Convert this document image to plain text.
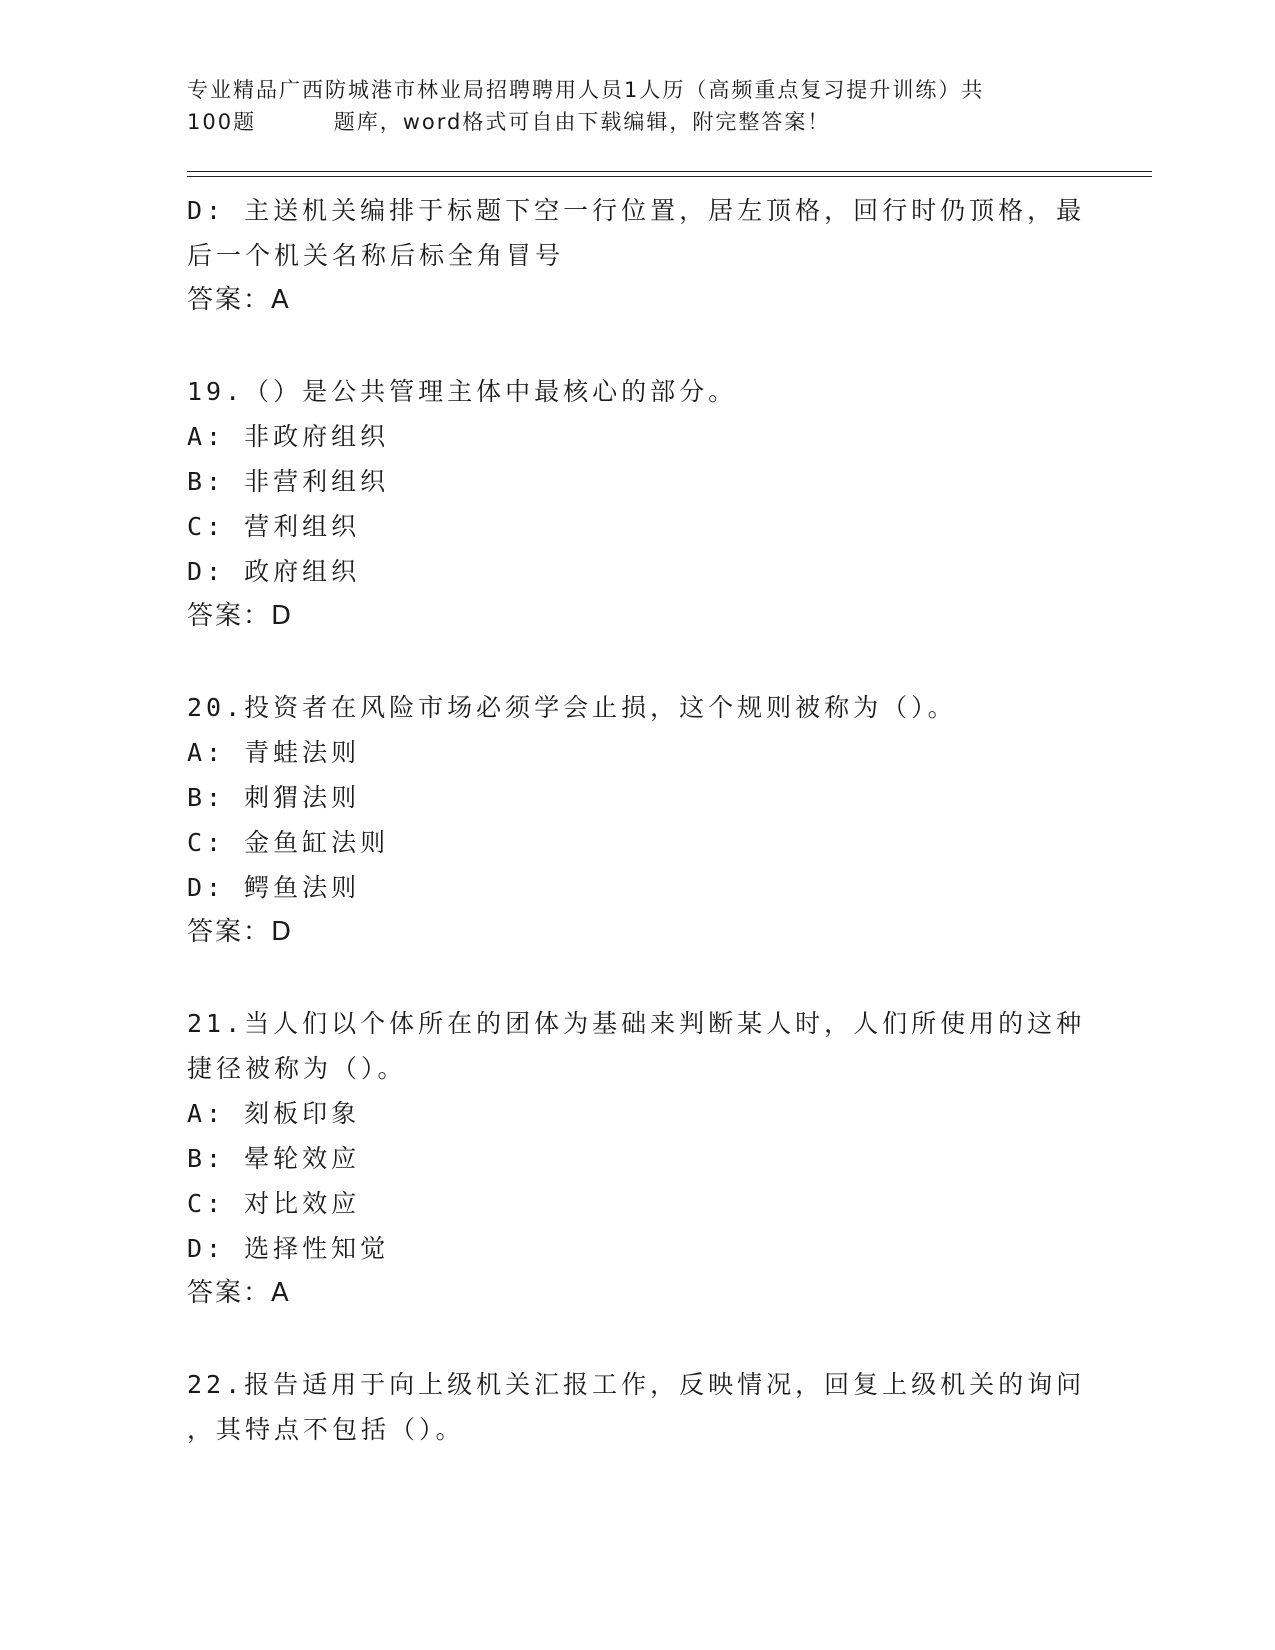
专业精品广西防城港市林业局招聘聘用人员1人历（高频重点复习提升训练）共
100题　　　 题库，word格式可自由下载编辑，附完整答案！
D: 主送机关编排于标题下空一行位置，居左顶格，回行时仍顶格，最
后一个机关名称后标全角冒号
答案：A
19.（）是公共管理主体中最核心的部分。
A: 非政府组织
B: 非营利组织
C: 营利组织
D: 政府组织
答案：D
20.投资者在风险市场必须学会止损，这个规则被称为（）。
A: 青蛙法则
B: 刺猬法则
C: 金鱼缸法则
D: 鳄鱼法则
答案：D
21.当人们以个体所在的团体为基础来判断某人时，人们所使用的这种
捷径被称为（）。
A: 刻板印象
B: 晕轮效应
C: 对比效应
D: 选择性知觉
答案：A
22.报告适用于向上级机关汇报工作，反映情况，回复上级机关的询问
，其特点不包括（）。
